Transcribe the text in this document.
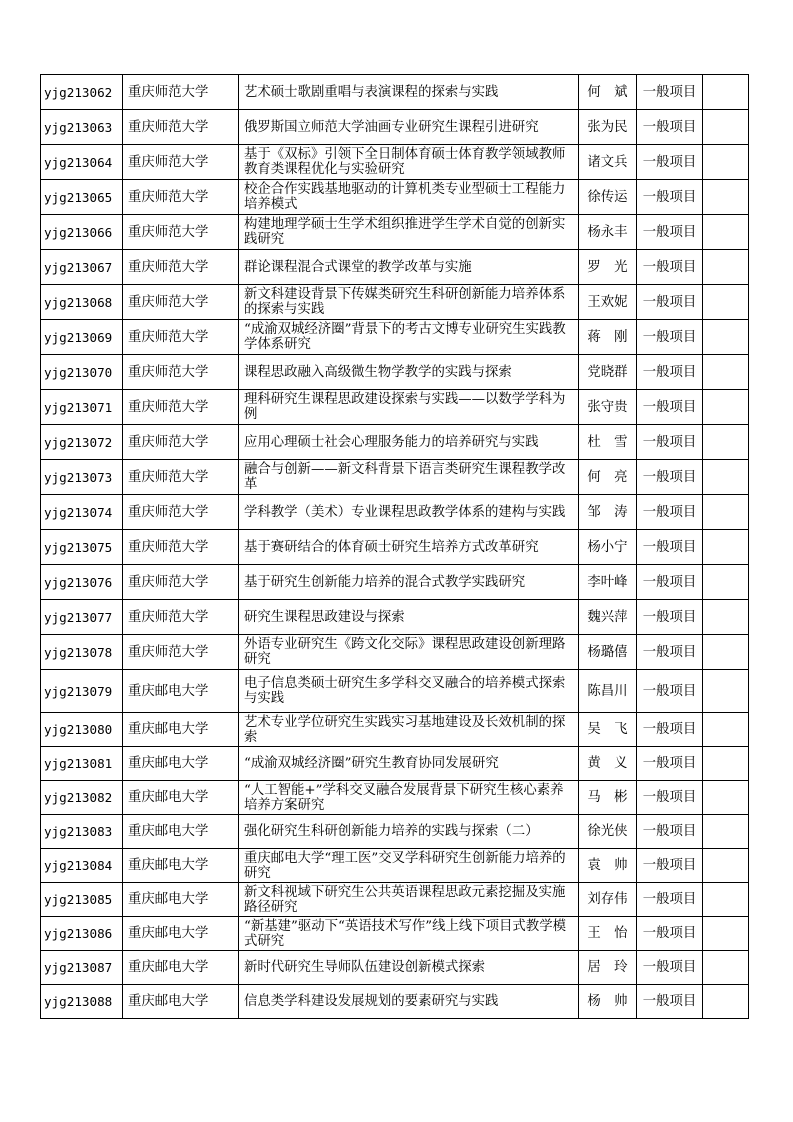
yjg213062	重庆师范大学	艺术硕士歌剧重唱与表演课程的探索与实践	何　斌	一般项目	
yjg213063	重庆师范大学	俄罗斯国立师范大学油画专业研究生课程引进研究	张为民	一般项目	
yjg213064	重庆师范大学	基于《双标》引领下全日制体育硕士体育教学领域教师教育类课程优化与实验研究	诸文兵	一般项目	
yjg213065	重庆师范大学	校企合作实践基地驱动的计算机类专业型硕士工程能力培养模式	徐传运	一般项目	
yjg213066	重庆师范大学	构建地理学硕士生学术组织推进学生学术自觉的创新实践研究	杨永丰	一般项目	
yjg213067	重庆师范大学	群论课程混合式课堂的教学改革与实施	罗　光	一般项目	
yjg213068	重庆师范大学	新文科建设背景下传媒类研究生科研创新能力培养体系的探索与实践	王欢妮	一般项目	
yjg213069	重庆师范大学	“成渝双城经济圈”背景下的考古文博专业研究生实践教学体系研究	蒋　刚	一般项目	
yjg213070	重庆师范大学	课程思政融入高级微生物学教学的实践与探索	党晓群	一般项目	
yjg213071	重庆师范大学	理科研究生课程思政建设探索与实践——以数学学科为例	张守贵	一般项目	
yjg213072	重庆师范大学	应用心理硕士社会心理服务能力的培养研究与实践	杜　雪	一般项目	
yjg213073	重庆师范大学	融合与创新——新文科背景下语言类研究生课程教学改革	何　亮	一般项目	
yjg213074	重庆师范大学	学科教学（美术）专业课程思政教学体系的建构与实践	邹　涛	一般项目	
yjg213075	重庆师范大学	基于赛研结合的体育硕士研究生培养方式改革研究	杨小宁	一般项目	
yjg213076	重庆师范大学	基于研究生创新能力培养的混合式教学实践研究	李叶峰	一般项目	
yjg213077	重庆师范大学	研究生课程思政建设与探索	魏兴萍	一般项目	
yjg213078	重庆师范大学	外语专业研究生《跨文化交际》课程思政建设创新理路研究	杨璐僖	一般项目	
yjg213079	重庆邮电大学	电子信息类硕士研究生多学科交叉融合的培养模式探索与实践	陈昌川	一般项目	
yjg213080	重庆邮电大学	艺术专业学位研究生实践实习基地建设及长效机制的探索	吴　飞	一般项目	
yjg213081	重庆邮电大学	“成渝双城经济圈”研究生教育协同发展研究	黄　义	一般项目	
yjg213082	重庆邮电大学	“人工智能+”学科交叉融合发展背景下研究生核心素养培养方案研究	马　彬	一般项目	
yjg213083	重庆邮电大学	强化研究生科研创新能力培养的实践与探索（二）	徐光侠	一般项目	
yjg213084	重庆邮电大学	重庆邮电大学“理工医”交叉学科研究生创新能力培养的研究	袁　帅	一般项目	
yjg213085	重庆邮电大学	新文科视域下研究生公共英语课程思政元素挖掘及实施路径研究	刘存伟	一般项目	
yjg213086	重庆邮电大学	“新基建”驱动下“英语技术写作”线上线下项目式教学模式研究	王　怡	一般项目	
yjg213087	重庆邮电大学	新时代研究生导师队伍建设创新模式探索	居　玲	一般项目	
yjg213088	重庆邮电大学	信息类学科建设发展规划的要素研究与实践	杨　帅	一般项目	
